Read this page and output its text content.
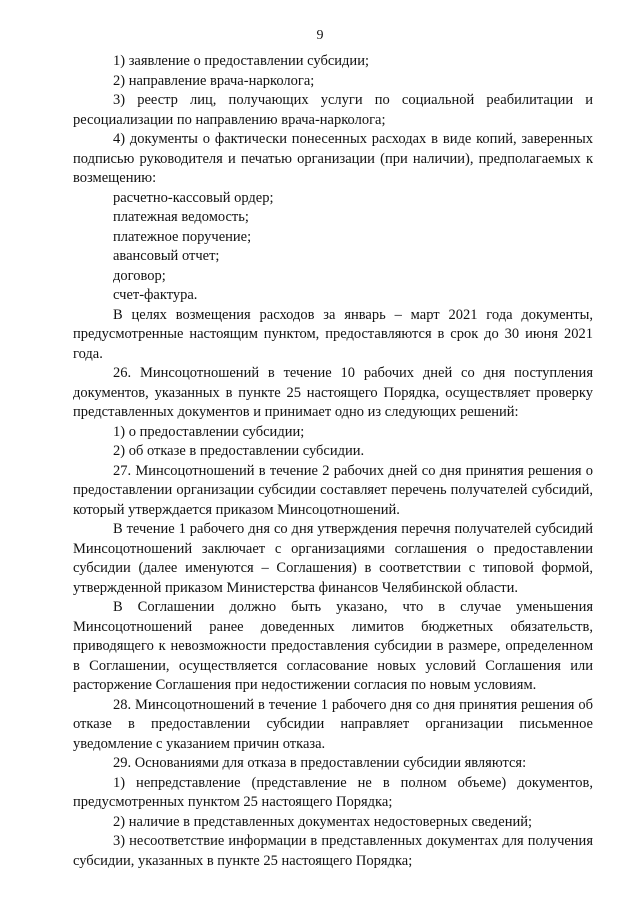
9

1) заявление о предоставлении субсидии;

2) направление врача-нарколога;

3) реестр лиц, получающих услуги по социальной реабилитации и ресоциализации по направлению врача-нарколога;

4) документы о фактически понесенных расходах в виде копий, заверенных подписью руководителя и печатью организации (при наличии), предполагаемых к возмещению:

расчетно-кассовый ордер;

платежная ведомость;

платежное поручение;

авансовый отчет;

договор;

счет-фактура.

В целях возмещения расходов за январь – март 2021 года документы, предусмотренные настоящим пунктом, предоставляются в срок до 30 июня 2021 года.

26. Минсоцотношений в течение 10 рабочих дней со дня поступления документов, указанных в пункте 25 настоящего Порядка, осуществляет проверку представленных документов и принимает одно из следующих решений:

1) о предоставлении субсидии;

2) об отказе в предоставлении субсидии.

27. Минсоцотношений в течение 2 рабочих дней со дня принятия решения о предоставлении организации субсидии составляет перечень получателей субсидий, который утверждается приказом Минсоцотношений.

В течение 1 рабочего дня со дня утверждения перечня получателей субсидий Минсоцотношений заключает с организациями соглашения о предоставлении субсидии (далее именуются – Соглашения) в соответствии с типовой формой, утвержденной приказом Министерства финансов Челябинской области.

В Соглашении должно быть указано, что в случае уменьшения Минсоцотношений ранее доведенных лимитов бюджетных обязательств, приводящего к невозможности предоставления субсидии в размере, определенном в Соглашении, осуществляется согласование новых условий Соглашения или расторжение Соглашения при недостижении согласия по новым условиям.

28. Минсоцотношений в течение 1 рабочего дня со дня принятия решения об отказе в предоставлении субсидии направляет организации письменное уведомление с указанием причин отказа.

29. Основаниями для отказа в предоставлении субсидии являются:

1) непредставление (представление не в полном объеме) документов, предусмотренных пунктом 25 настоящего Порядка;

2) наличие в представленных документах недостоверных сведений;

3) несоответствие информации в представленных документах для получения субсидии, указанных в пункте 25 настоящего Порядка;
